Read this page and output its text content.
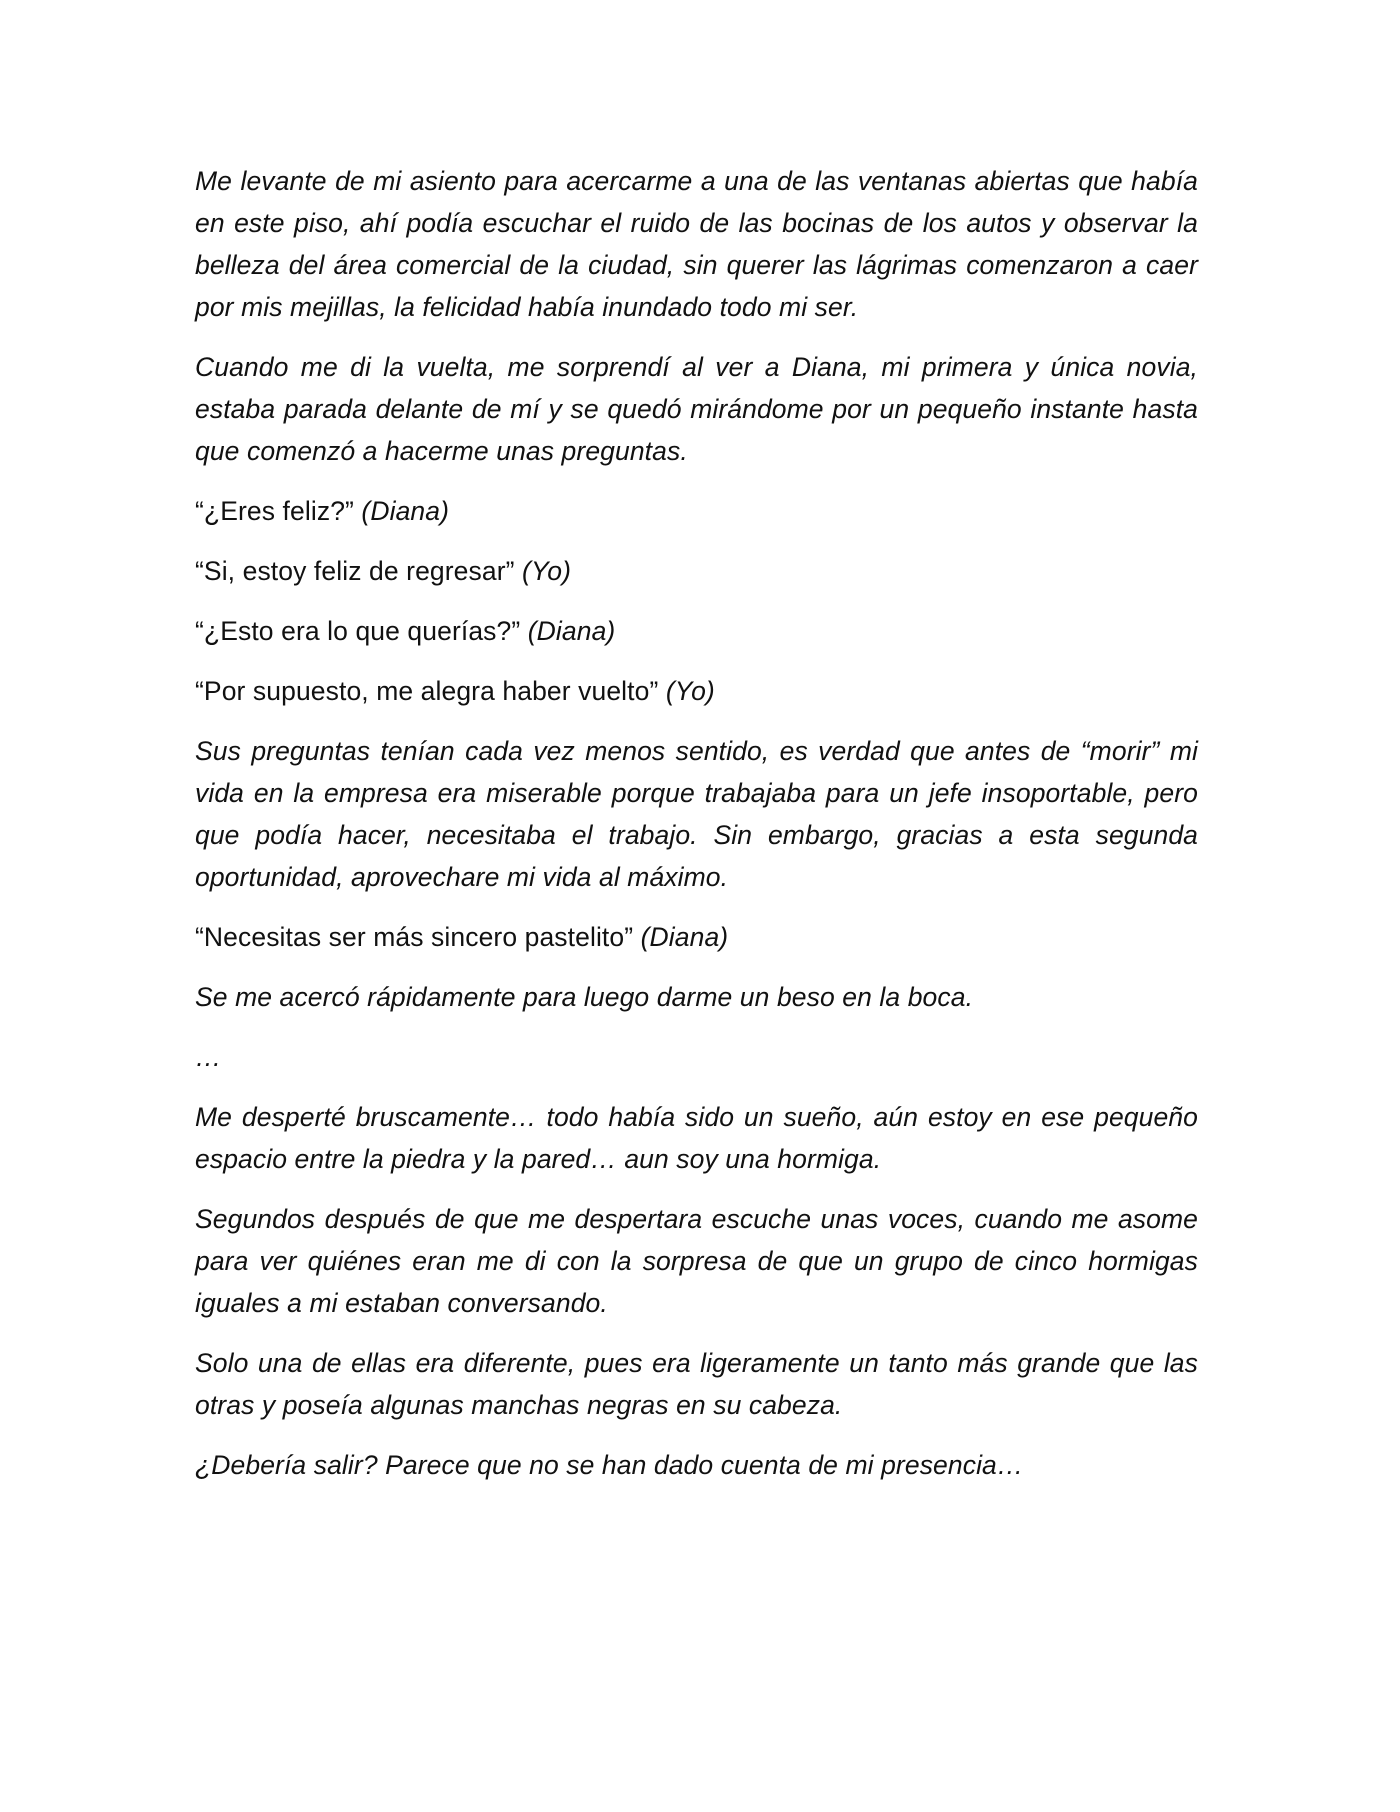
Me levante de mi asiento para acercarme a una de las ventanas abiertas que había en este piso, ahí podía escuchar el ruido de las bocinas de los autos y observar la belleza del área comercial de la ciudad, sin querer las lágrimas comenzaron a caer por mis mejillas, la felicidad había inundado todo mi ser.

Cuando me di la vuelta, me sorprendí al ver a Diana, mi primera y única novia, estaba parada delante de mí y se quedó mirándome por un pequeño instante hasta que comenzó a hacerme unas preguntas.

“¿Eres feliz?” (Diana)

“Si, estoy feliz de regresar” (Yo)

“¿Esto era lo que querías?” (Diana)

“Por supuesto, me alegra haber vuelto” (Yo)

Sus preguntas tenían cada vez menos sentido, es verdad que antes de “morir” mi vida en la empresa era miserable porque trabajaba para un jefe insoportable, pero que podía hacer, necesitaba el trabajo. Sin embargo, gracias a esta segunda oportunidad, aprovechare mi vida al máximo.

“Necesitas ser más sincero pastelito” (Diana)

Se me acercó rápidamente para luego darme un beso en la boca.

…

Me desperté bruscamente… todo había sido un sueño, aún estoy en ese pequeño espacio entre la piedra y la pared… aun soy una hormiga.

Segundos después de que me despertara escuche unas voces, cuando me asome para ver quiénes eran me di con la sorpresa de que un grupo de cinco hormigas iguales a mi estaban conversando.

Solo una de ellas era diferente, pues era ligeramente un tanto más grande que las otras y poseía algunas manchas negras en su cabeza.

¿Debería salir? Parece que no se han dado cuenta de mi presencia…
